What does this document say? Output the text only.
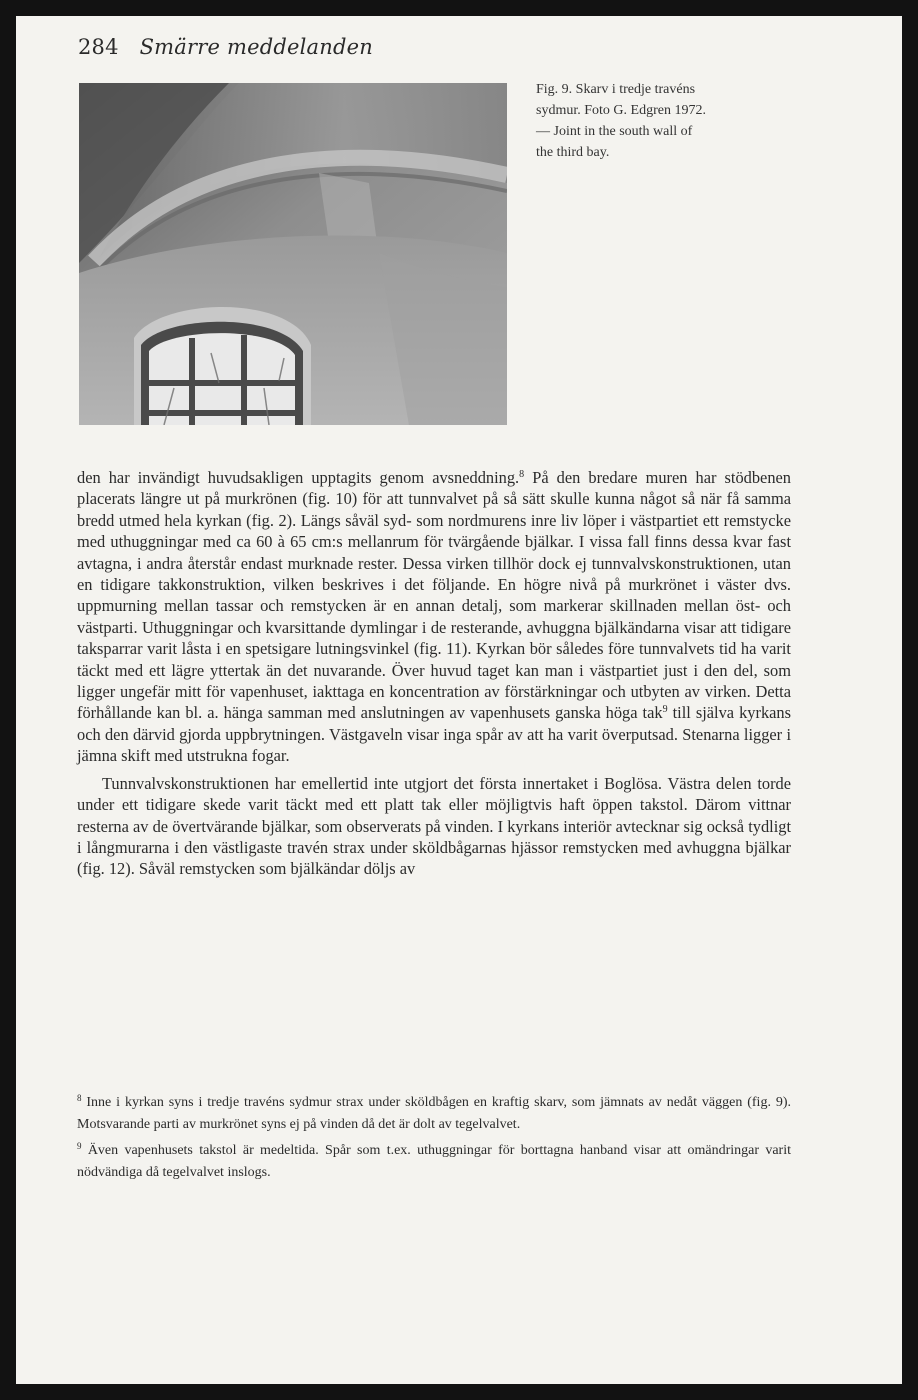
284 Smärre meddelanden
Fig. 9. Skarv i tredje travéns
sydmur. Foto G. Edgren 1972.
— Joint in the south wall of
the third bay.

den har invändigt huvudsakligen upptagits genom avsneddning.$^8$ På den bredare muren har stödbenen placerats längre ut på murkrönen (fig. 10) för att tunnvalvet på så sätt skulle kunna något så när få samma bredd utmed hela kyrkan (fig. 2). Längs såväl syd- som nordmurens inre liv löper i västpartiet ett remstycke med uthuggningar med ca 60 à 65 cm:s mellanrum för tvärgående bjälkar. I vissa fall finns dessa kvar fast avtagna, i andra återstår endast murknade rester. Dessa virken tillhör dock ej tunnvalvskonstruktionen, utan en tidigare takkonstruktion, vilken beskrives i det följande. En högre nivå på murkrönet i väster dvs. uppmurning mellan tassar och remstycken är en annan detalj, som markerar skillnaden mellan öst- och västparti. Uthuggningar och kvarsittande dymlingar i de resterande, avhuggna bjälkändarna visar att tidigare taksparrar varit låsta i en spetsigare lutningsvinkel (fig. 11). Kyrkan bör således före tunnvalvets tid ha varit täckt med ett lägre yttertak än det nuvarande. Över huvud taget kan man i västpartiet just i den del, som ligger ungefär mitt för vapenhuset, iakttaga en koncentration av förstärkningar och utbyten av virken. Detta förhållande kan bl. a. hänga samman med anslutningen av vapenhusets ganska höga tak$^9$ till själva kyrkans och den därvid gjorda uppbrytningen. Västgaveln visar inga spår av att ha varit överputsad. Stenarna ligger i jämna skift med utstrukna fogar.

Tunnvalvskonstruktionen har emellertid inte utgjort det första innertaket i Boglösa. Västra delen torde under ett tidigare skede varit täckt med ett platt tak eller möjligtvis haft öppen takstol. Därom vittnar resterna av de övertvärande bjälkar, som observerats på vinden. I kyrkans interiör avtecknar sig också tydligt i långmurarna i den västligaste travén strax under sköldbågarnas hjässor remstycken med avhuggna bjälkar (fig. 12). Såväl remstycken som bjälkändar döljs av

$^8$ Inne i kyrkan syns i tredje travéns sydmur strax under sköldbågen en kraftig skarv, som jämnats av nedåt väggen (fig. 9). Motsvarande parti av murkrönet syns ej på vinden då det är dolt av tegelvalvet.

$^9$ Även vapenhusets takstol är medeltida. Spår som t.ex. uthuggningar för borttagna hanband visar att omändringar varit nödvändiga då tegelvalvet inslogs.
